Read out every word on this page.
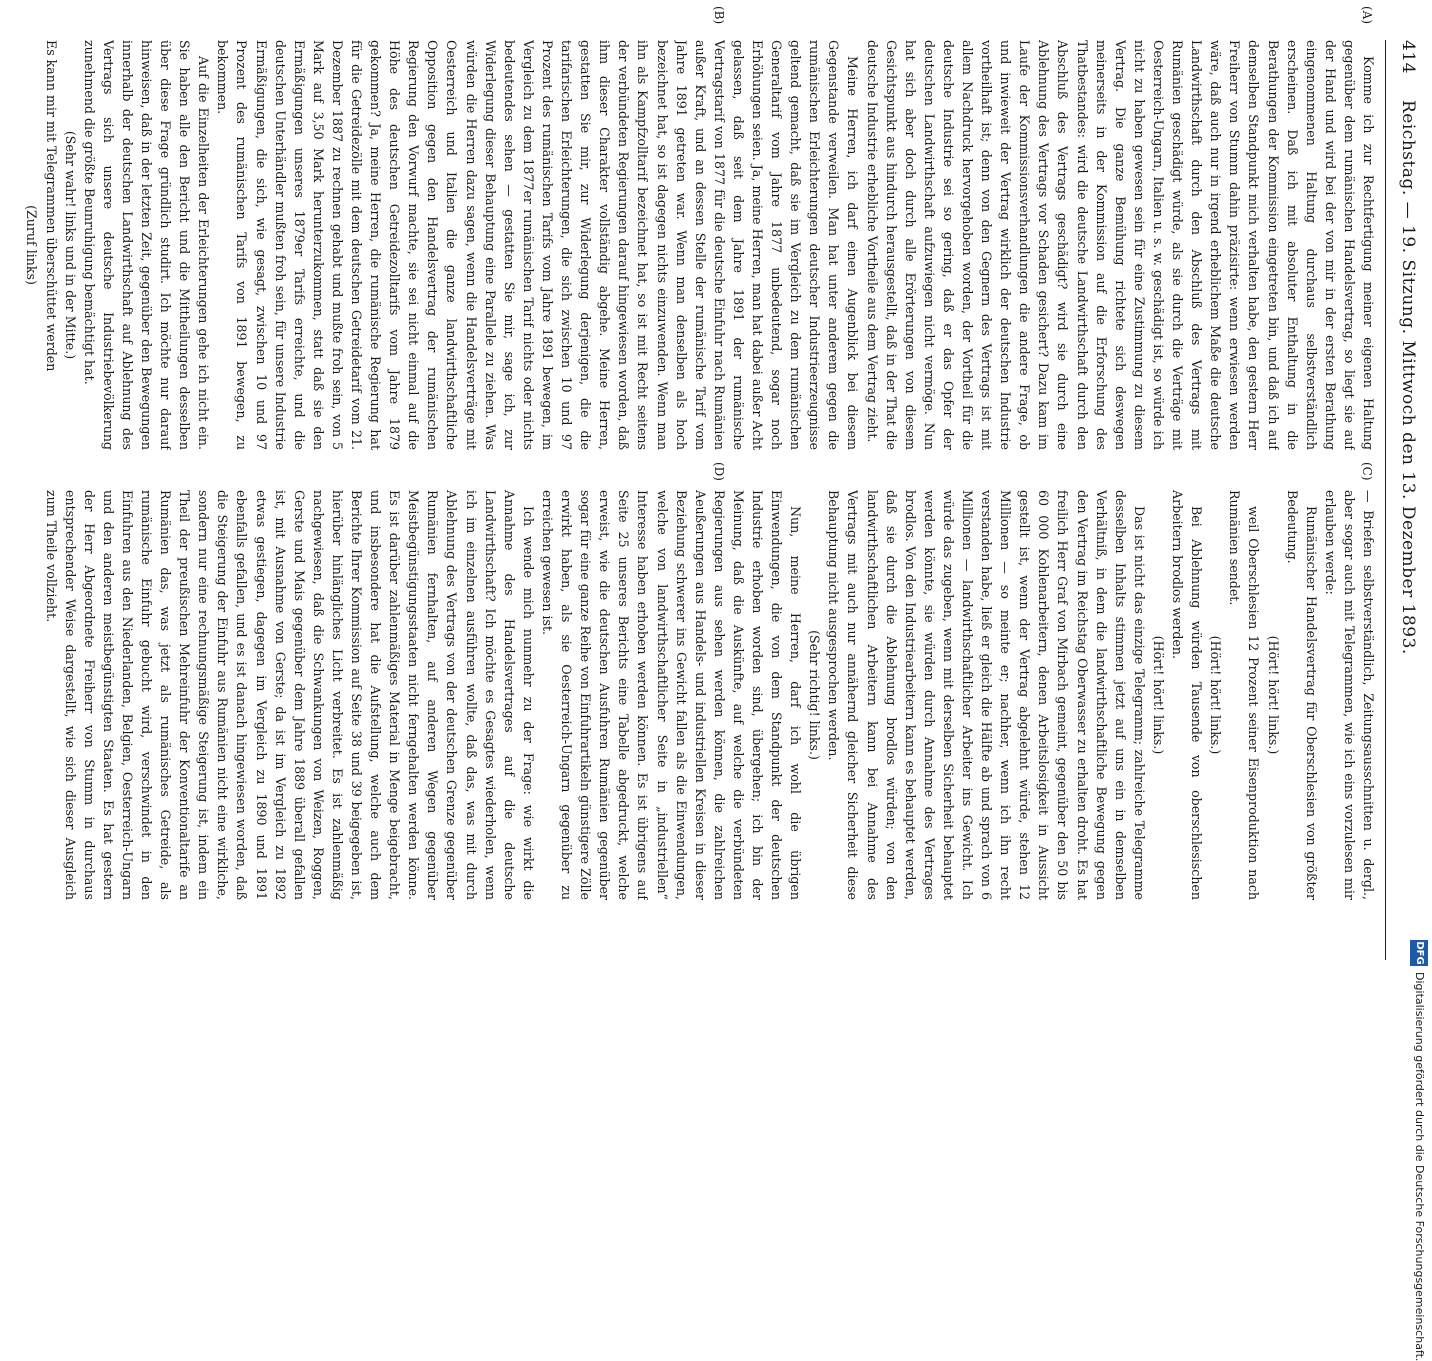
414
Reichstag. — 19. Sitzung. Mittwoch den 13. Dezember 1893.
(A)
(B)
(C)
(D)

Komme ich zur Rechtfertigung meiner eigenen Haltung gegenüber dem rumänischen Handelsvertrag, so liegt sie auf der Hand und wird bei der von mir in der ersten Berathung eingenommenen Haltung durchaus selbstverständlich erscheinen. Daß ich mit absoluter Enthaltung in die Berathungen der Kommission eingetreten bin, und daß ich auf demselben Standpunkt mich verhalten habe, den gestern Herr Freiherr von Stumm dahin präzisirte: wenn erwiesen werden wäre, daß auch nur in irgend erheblichem Maße die deutsche Landwirthschaft durch den Abschluß des Vertrags mit Rumänien geschädigt würde, als sie durch die Verträge mit Oesterreich-Ungarn, Italien u. s. w. geschädigt ist, so würde ich nicht zu haben gewesen sein für eine Zustimmung zu diesem Vertrag. Die ganze Bemühung richtete sich deswegen meinerseits in der Kommission auf die Erforschung des Thatbestandes: wird die deutsche Landwirthschaft durch den Abschluß des Vertrags geschädigt? wird sie durch eine Ablehnung des Vertrags vor Schaden gesichert? Dazu kam im Laufe der Kommissionsverhandlungen die andere Frage, ob und inwieweit der Vertrag wirklich der deutschen Industrie vortheilhaft ist; denn von den Gegnern des Vertrags ist mit allem Nachdruck hervorgehoben worden, der Vortheil für die deutsche Industrie sei so gering, daß er das Opfer der deutschen Landwirthschaft aufzuwiegen nicht vermöge. Nun hat sich aber doch durch alle Erörterungen von diesem Gesichtspunkt aus hindurch herausgestellt, daß in der That die deutsche Industrie erhebliche Vortheile aus dem Vertrag zieht.

Meine Herren, ich darf einen Augenblick bei diesem Gegenstande verweilen. Man hat unter anderem gegen die rumänischen Erleichterungen deutscher Industrieerzeugnisse geltend gemacht, daß sie im Vergleich zu dem rumänischen Generaltarif vom Jahre 1877 unbedeutend, sogar noch Erhöhungen seien. Ja, meine Herren, man hat dabei außer Acht gelassen, daß seit dem Jahre 1891 der rumänische Vertragstarif von 1877 für die deutsche Einfuhr nach Rumänien außer Kraft, und an dessen Stelle der rumänische Tarif vom Jahre 1891 getreten war. Wenn man denselben als hoch bezeichnet hat, so ist dagegen nichts einzuwenden. Wenn man ihn als Kampfzolltarif bezeichnet hat, so ist mit Recht seitens der verbündeten Regierungen darauf hingewiesen worden, daß ihm dieser Charakter vollständig abgehe. Meine Herren, gestatten Sie mir, zur Widerlegung derjenigen, die die tarifarischen Erleichterungen, die sich zwischen 10 und 97 Prozent des rumänischen Tarifs vom Jahre 1891 bewegen, im Vergleich zu dem 1877er rumänischen Tarif nichts oder nichts bedeutendes sehen — gestatten Sie mir, sage ich, zur Widerlegung dieser Behauptung eine Parallele zu ziehen. Was würden die Herren dazu sagen, wenn die Handelsverträge mit Oesterreich und Italien die ganze landwirthschaftliche Opposition gegen den Handelsvertrag der rumänischen Regierung den Vorwurf machte, sie sei nicht einmal auf die Höhe des deutschen Getreidezolltarifs vom Jahre 1879 gekommen? Ja, meine Herren, die rumänische Regierung hat für die Getreidezölle mit dem deutschen Getreidetarif vom 21. Dezember 1887 zu rechnen gehabt und mußte froh sein, von 5 Mark auf 3,50 Mark herunterzukommen, statt daß sie den Ermäßigungen unseres 1879er Tarifs erreichte, und die deutschen Unterhändler mußten froh sein, für unsere Industrie Ermäßigungen, die sich, wie gesagt, zwischen 10 und 97 Prozent des rumänischen Tarifs von 1891 bewegen, zu bekommen.

Auf die Einzelheiten der Erleichterungen gehe ich nicht ein. Sie haben alle den Bericht und die Mittheilungen desselben über diese Frage gründlich studirt. Ich möchte nur darauf hinweisen, daß in der letzten Zeit, gegenüber den Bewegungen innerhalb der deutschen Landwirthschaft auf Ablehnung des Vertrags sich unsere deutsche Industriebevölkerung zunehmend die größte Beunruhigung bemächtigt hat.

(Sehr wahr! links und in der Mitte.)

Es kann mir mit Telegrammen überschüttet werden

(Zuruf links)

— Briefen selbstverständlich, Zeitungsausschnitten u. dergl., aber sogar auch mit Telegrammen, wie ich eins vorzulesen mir erlauben werde:

Rumänischer Handelsvertrag für Oberschlesien von größter Bedeutung.

(Hört! hört! links.)

weil Oberschlesien 12 Prozent seiner Eisenproduktion nach Rumänien sendet.

(Hört! hört! links.)

Bei Ablehnung würden Tausende von oberschlesischen Arbeitern brodlos werden.

(Hört! hört! links.)

Das ist nicht das einzige Telegramm; zahlreiche Telegramme desselben Inhalts stimmen jetzt auf uns ein in demselben Verhältniß, in dem die landwirthschaftliche Bewegung gegen den Vertrag im Reichstag Oberwasser zu erhalten droht. Es hat freilich Herr Graf von Mirbach gemeint, gegenüber den 50 bis 60 000 Kohlenarbeitern, denen Arbeitslosigkeit in Aussicht gestellt ist, wenn der Vertrag abgelehnt würde, stehen 12 Millionen — so meinte er; nachher, wenn ich ihn recht verstanden habe, ließ er gleich die Hälfte ab und sprach von 6 Millionen — landwirthschaftlicher Arbeiter ins Gewicht. Ich würde das zugeben, wenn mit derselben Sicherheit behauptet werden könnte, sie würden durch Annahme des Vertrages brodlos. Von den Industriearbeitern kann es behauptet werden, daß sie durch die Ablehnung brodlos würden; von den landwirthschaftlichen Arbeitern kann bei Annahme des Vertrags mit auch nur annähernd gleicher Sicherheit diese Behauptung nicht ausgesprochen werden.

(Sehr richtig! links.)

Nun, meine Herren, darf ich wohl die übrigen Einwendungen, die von dem Standpunkt der deutschen Industrie erhoben worden sind, übergehen; ich bin der Meinung, daß die Auskünfte, auf welche die verbündeten Regierungen aus sehen werden können, die zahlreichen Aeußerungen aus Handels- und industriellen Kreisen in dieser Beziehung schwerer ins Gewicht fallen als die Einwendungen, welche von landwirthschaftlicher Seite in „industriellen“ Interesse haben erhoben werden können. Es ist übrigens auf Seite 25 unseres Berichts eine Tabelle abgedruckt, welche erweist, wie die deutschen Ausfuhren Rumänien gegenüber sogar für eine ganze Reihe von Einfuhrartikeln günstigere Zölle erwirkt haben, als sie Oesterreich-Ungarn gegenüber zu erreichen gewesen ist.

Ich wende mich nunmehr zu der Frage: wie wirkt die Annahme des Handelsvertrages auf die deutsche Landwirthschaft? Ich möchte es Gesagtes wiederholen, wenn ich im einzelnen ausführen wollte, daß das, was mit durch Ablehnung des Vertrags von der deutschen Grenze gegenüber Rumänien fernhalten, auf anderen Wegen gegenüber Meistbegünstigungsstaaten nicht ferngehalten werden könne. Es ist darüber zahlenmäßiges Material in Menge beigebracht, und insbesondere hat die Aufstellung, welche auch dem Berichte Ihrer Kommission auf Seite 38 und 39 beigegeben ist, hierüber hinlängliches Licht verbreitet. Es ist zahlenmäßig nachgewiesen, daß die Schwankungen von Weizen, Roggen, Gerste und Mais gegenüber dem Jahre 1889 überall gefallen ist, mit Ausnahme von Gerste; da ist im Vergleich zu 1892 etwas gestiegen, dagegen im Vergleich zu 1890 und 1891 ebenfalls gefallen, und es ist danach hingewiesen worden, daß die Steigerung der Einfuhr aus Rumänien nicht eine wirkliche, sondern nur eine rechnungsmäßige Steigerung ist, indem ein Theil der preußischen Mehreinfuhr der Konventionaltarife an Rumänien das, was jetzt als rumänisches Getreide, als rumänische Einfuhr gebucht wird, verschwindet in den Einfuhren aus den Niederlanden, Belgien, Oesterreich-Ungarn und den anderen meistbegünstigten Staaten. Es hat gestern der Herr Abgeordnete Freiherr von Stumm in durchaus entsprechender Weise dargestellt, wie sich dieser Ausgleich zum Theile vollzieht.

DFG
Digitalisierung gefördert durch die Deutsche Forschungsgemeinschaft.
